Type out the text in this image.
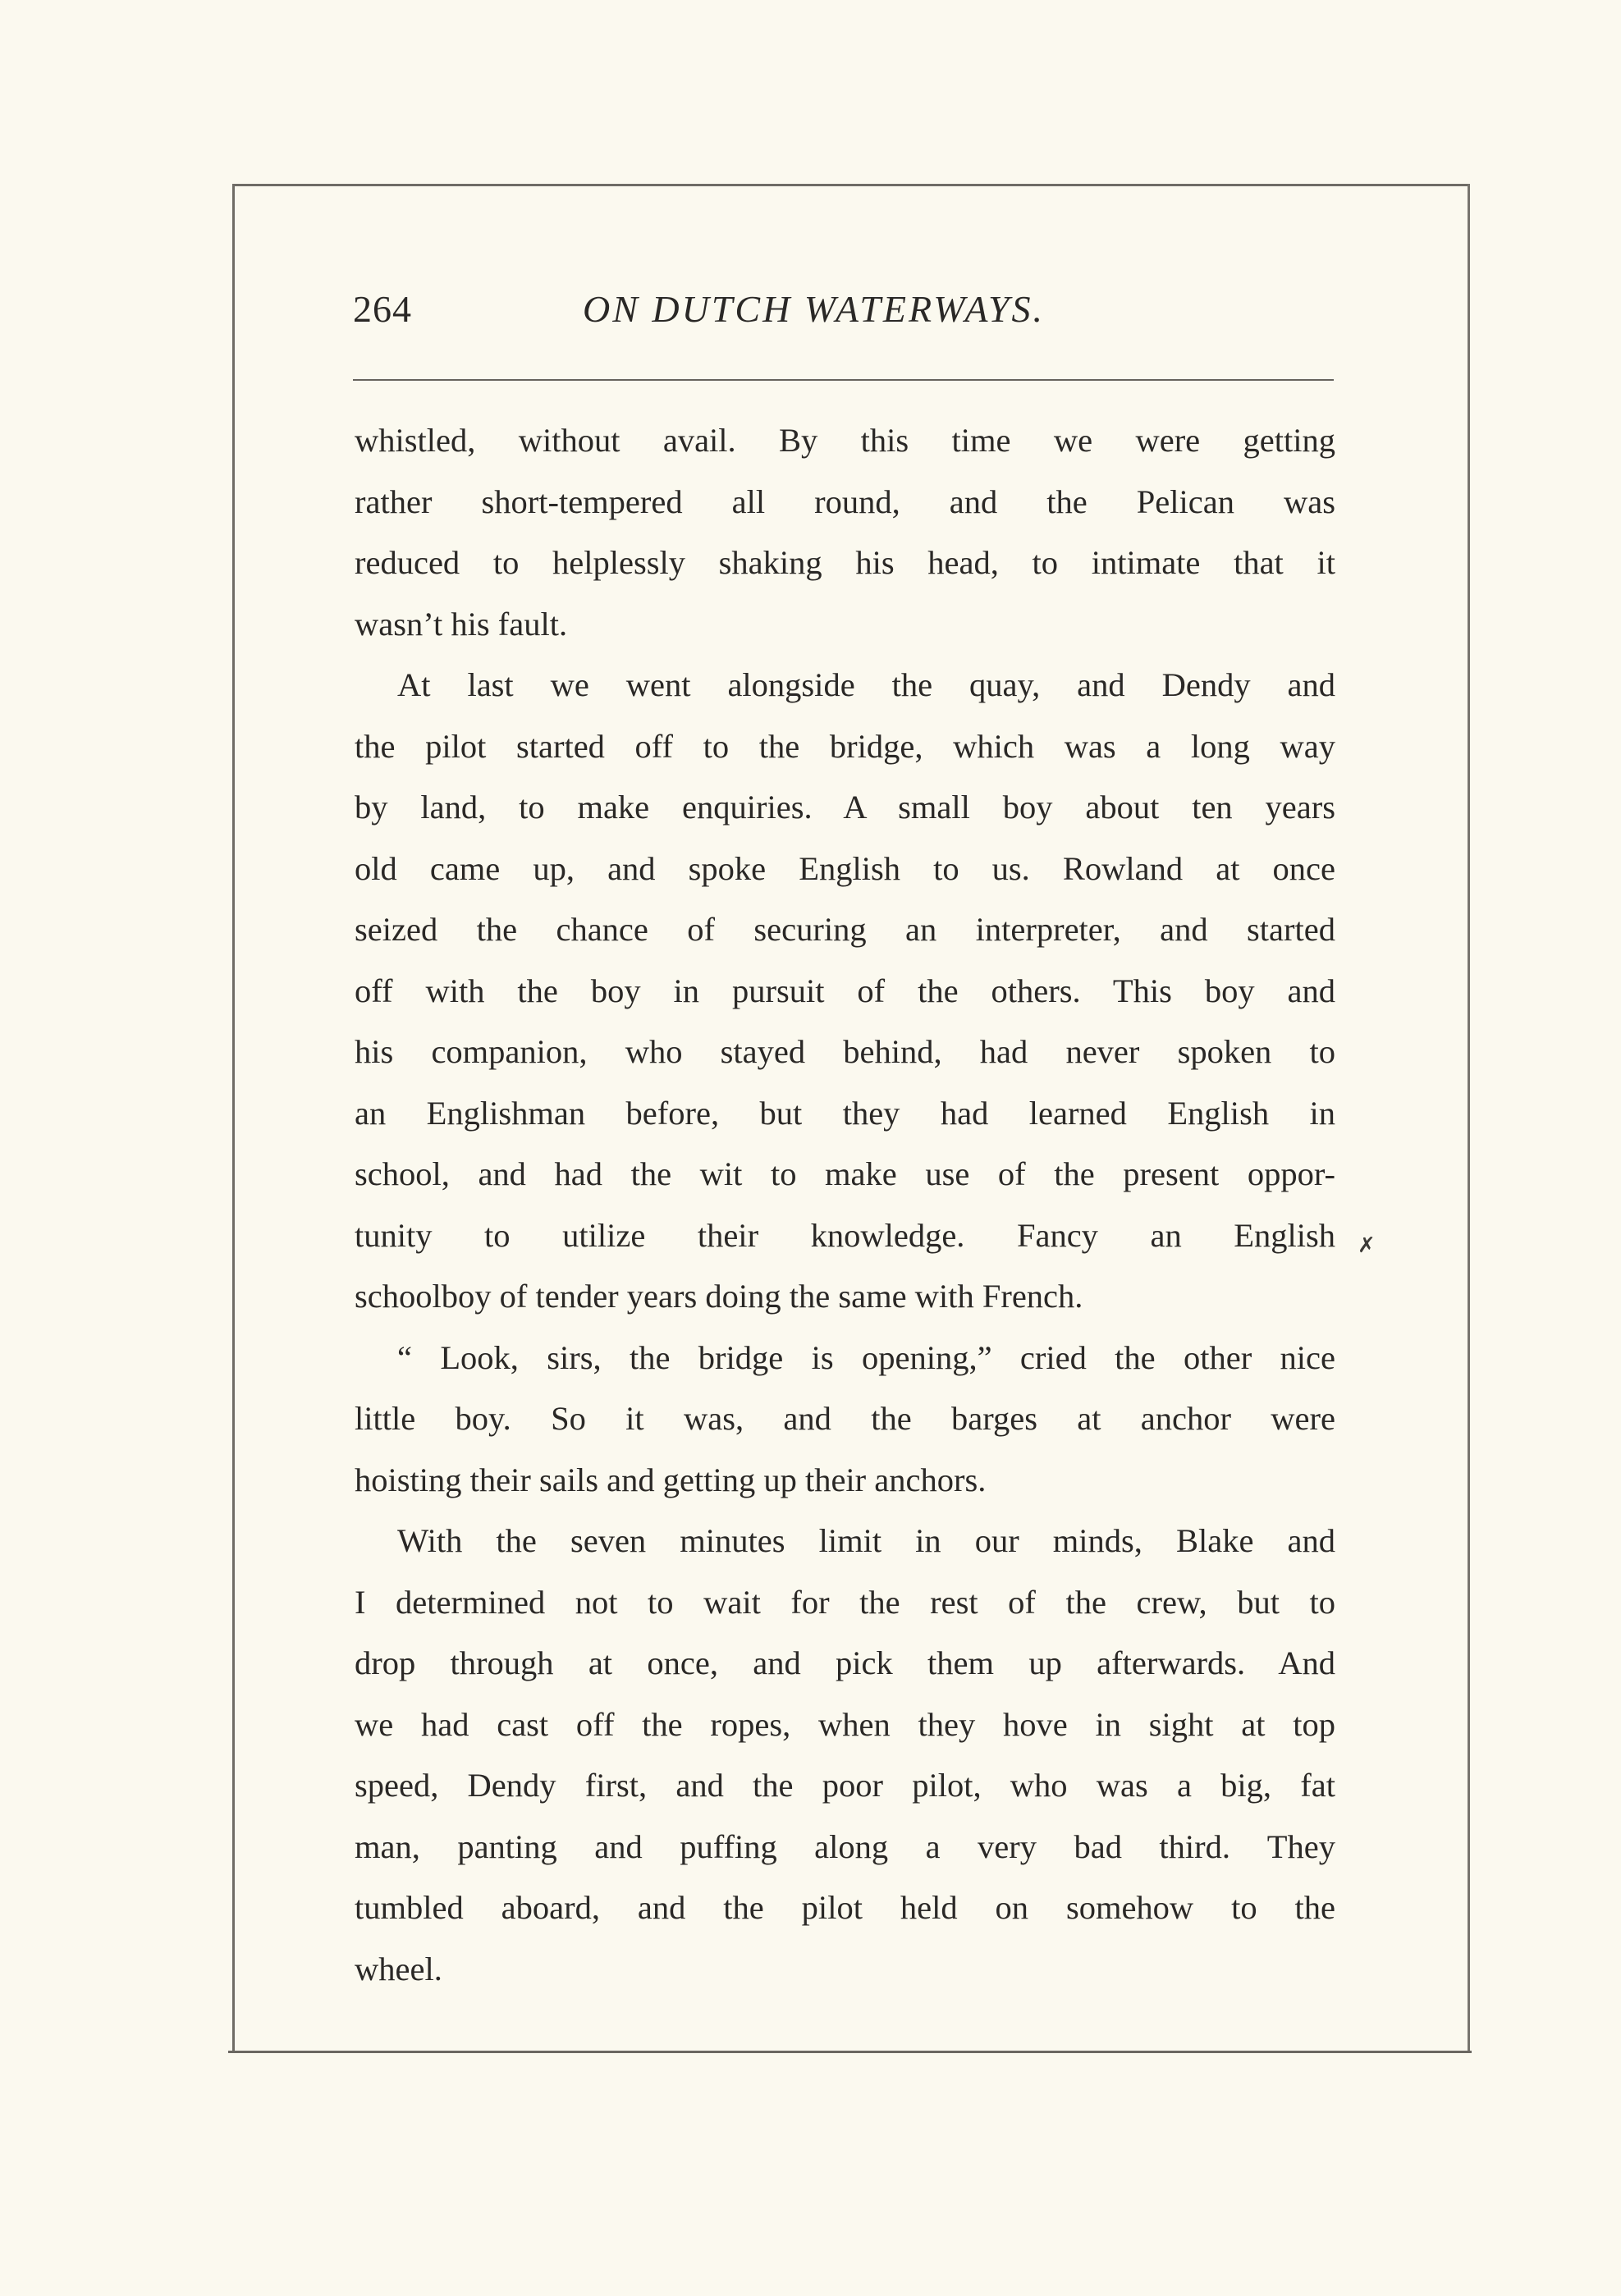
264	ON DUTCH WATERWAYS.
whistled, without avail. By this time we were getting
rather short-tempered all round, and the Pelican was
reduced to helplessly shaking his head, to intimate that it
wasn’t his fault.
At last we went alongside the quay, and Dendy and
the pilot started off to the bridge, which was a long way
by land, to make enquiries. A small boy about ten years
old came up, and spoke English to us. Rowland at once
seized the chance of securing an interpreter, and started
off with the boy in pursuit of the others. This boy and
his companion, who stayed behind, had never spoken to
an Englishman before, but they had learned English in
school, and had the wit to make use of the present oppor-
tunity to utilize their knowledge. Fancy an English
schoolboy of tender years doing the same with French.
“ Look, sirs, the bridge is opening,” cried the other nice
little boy. So it was, and the barges at anchor were
hoisting their sails and getting up their anchors.
With the seven minutes limit in our minds, Blake and
I determined not to wait for the rest of the crew, but to
drop through at once, and pick them up afterwards. And
we had cast off the ropes, when they hove in sight at top
speed, Dendy first, and the poor pilot, who was a big, fat
man, panting and puffing along a very bad third. They
tumbled aboard, and the pilot held on somehow to the
wheel.
✗
